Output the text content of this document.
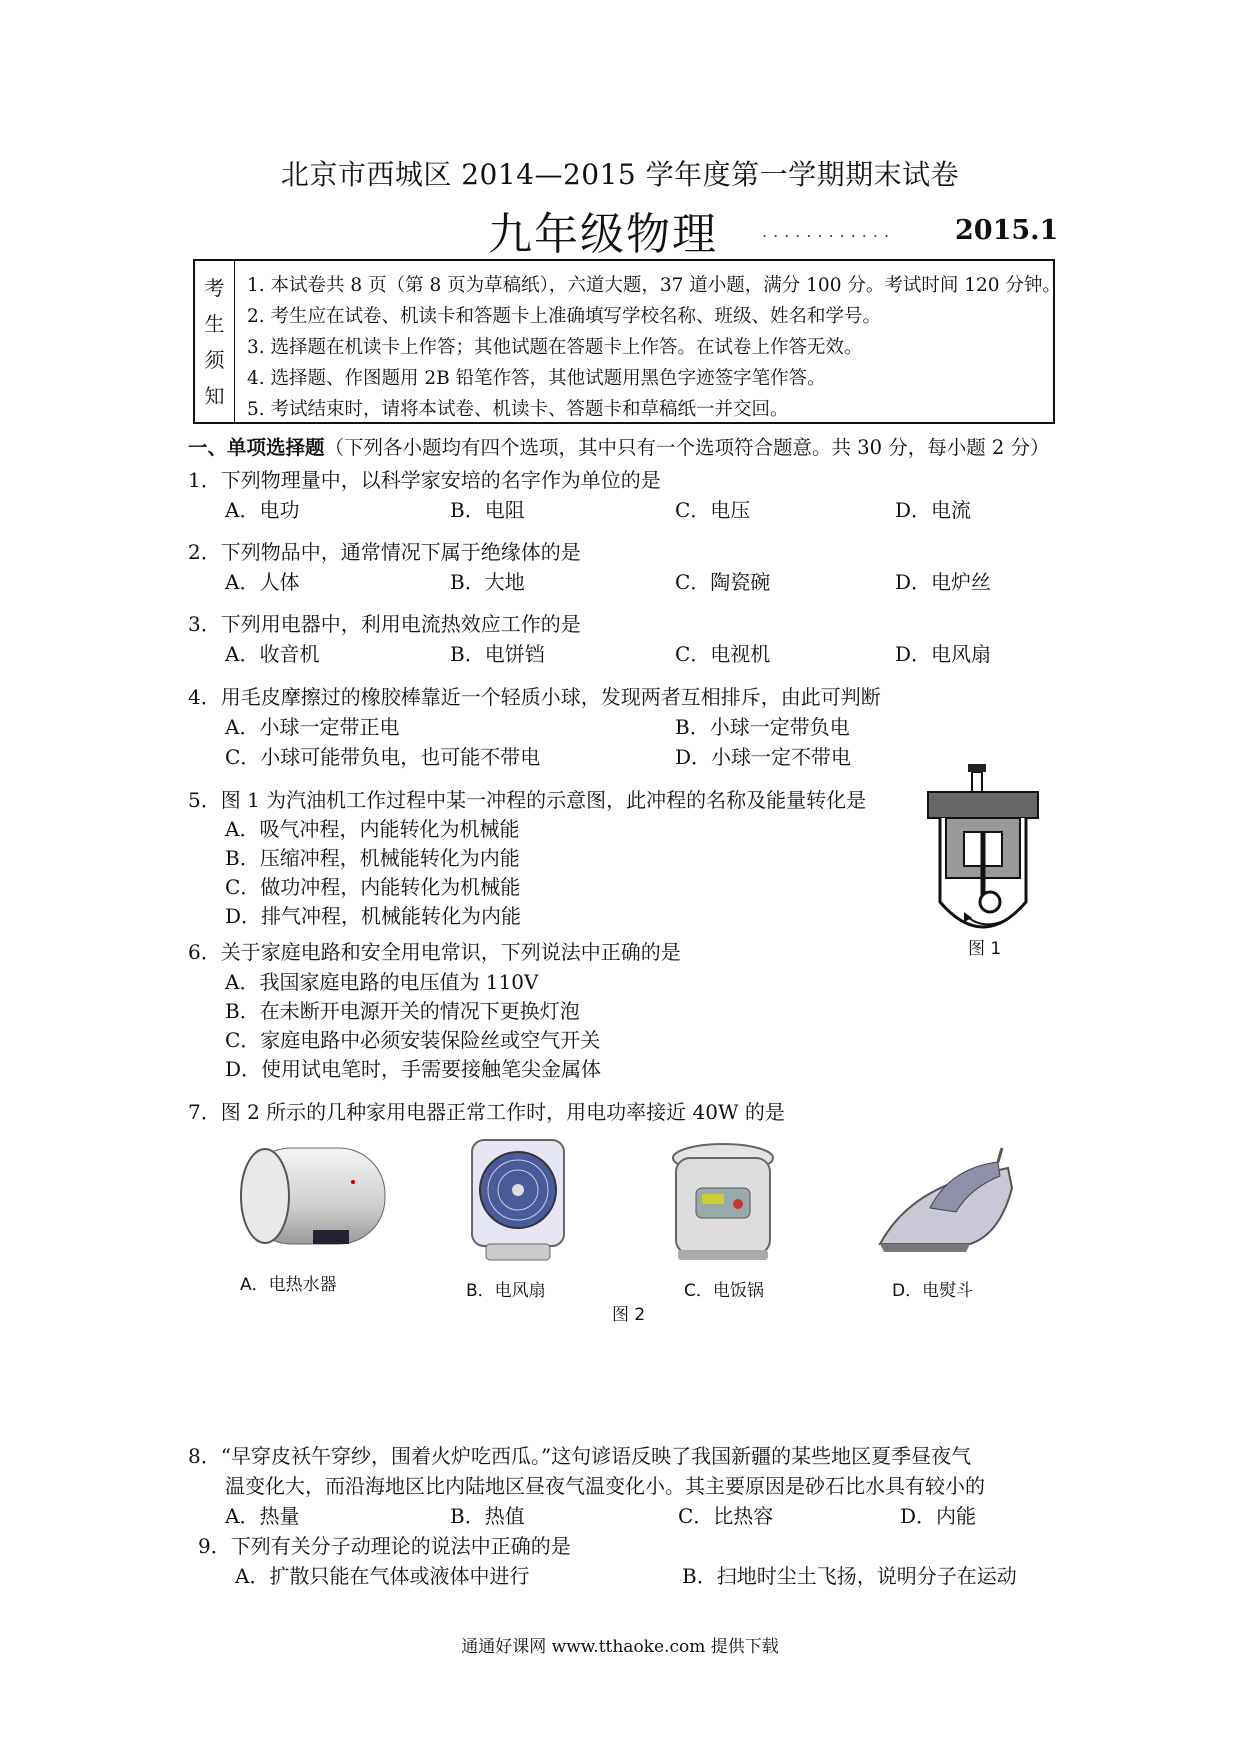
北京市西城区 2014—2015 学年度第一学期期末试卷
九年级物理	............ 2015.1
考
生
须
知
1. 本试卷共 8 页（第 8 页为草稿纸），六道大题，37 道小题，满分 100 分。考试时间 120 分钟。
2. 考生应在试卷、机读卡和答题卡上准确填写学校名称、班级、姓名和学号。
3. 选择题在机读卡上作答；其他试题在答题卡上作答。在试卷上作答无效。
4. 选择题、作图题用 2B 铅笔作答，其他试题用黑色字迹签字笔作答。
5. 考试结束时，请将本试卷、机读卡、答题卡和草稿纸一并交回。
一、单项选择题（下列各小题均有四个选项，其中只有一个选项符合题意。共 30 分，每小题 2 分）
1．下列物理量中，以科学家安培的名字作为单位的是
A．电功	B．电阻	C．电压	D．电流
2．下列物品中，通常情况下属于绝缘体的是
A．人体	B．大地	C．陶瓷碗	D．电炉丝
3．下列用电器中，利用电流热效应工作的是
A．收音机	B．电饼铛	C．电视机	D．电风扇
4．用毛皮摩擦过的橡胶棒靠近一个轻质小球，发现两者互相排斥，由此可判断
A．小球一定带正电	B．小球一定带负电
C．小球可能带负电，也可能不带电	D．小球一定不带电
5．图 1 为汽油机工作过程中某一冲程的示意图，此冲程的名称及能量转化是
A．吸气冲程，内能转化为机械能
B．压缩冲程，机械能转化为内能
C．做功冲程，内能转化为机械能
D．排气冲程，机械能转化为内能
图 1
6．关于家庭电路和安全用电常识，下列说法中正确的是
A．我国家庭电路的电压值为 110V
B．在未断开电源开关的情况下更换灯泡
C．家庭电路中必须安装保险丝或空气开关
D．使用试电笔时，手需要接触笔尖金属体
7．图 2 所示的几种家用电器正常工作时，用电功率接近 40W 的是
A．电热水器	B．电风扇	C．电饭锅	D．电熨斗
图 2
8．“早穿皮袄午穿纱，围着火炉吃西瓜。”这句谚语反映了我国新疆的某些地区夏季昼夜气
温变化大，而沿海地区比内陆地区昼夜气温变化小。其主要原因是砂石比水具有较小的
A．热量	B．热值	C．比热容	D．内能
9．下列有关分子动理论的说法中正确的是
A．扩散只能在气体或液体中进行	B．扫地时尘土飞扬，说明分子在运动
通通好课网 www.tthaoke.com 提供下载
